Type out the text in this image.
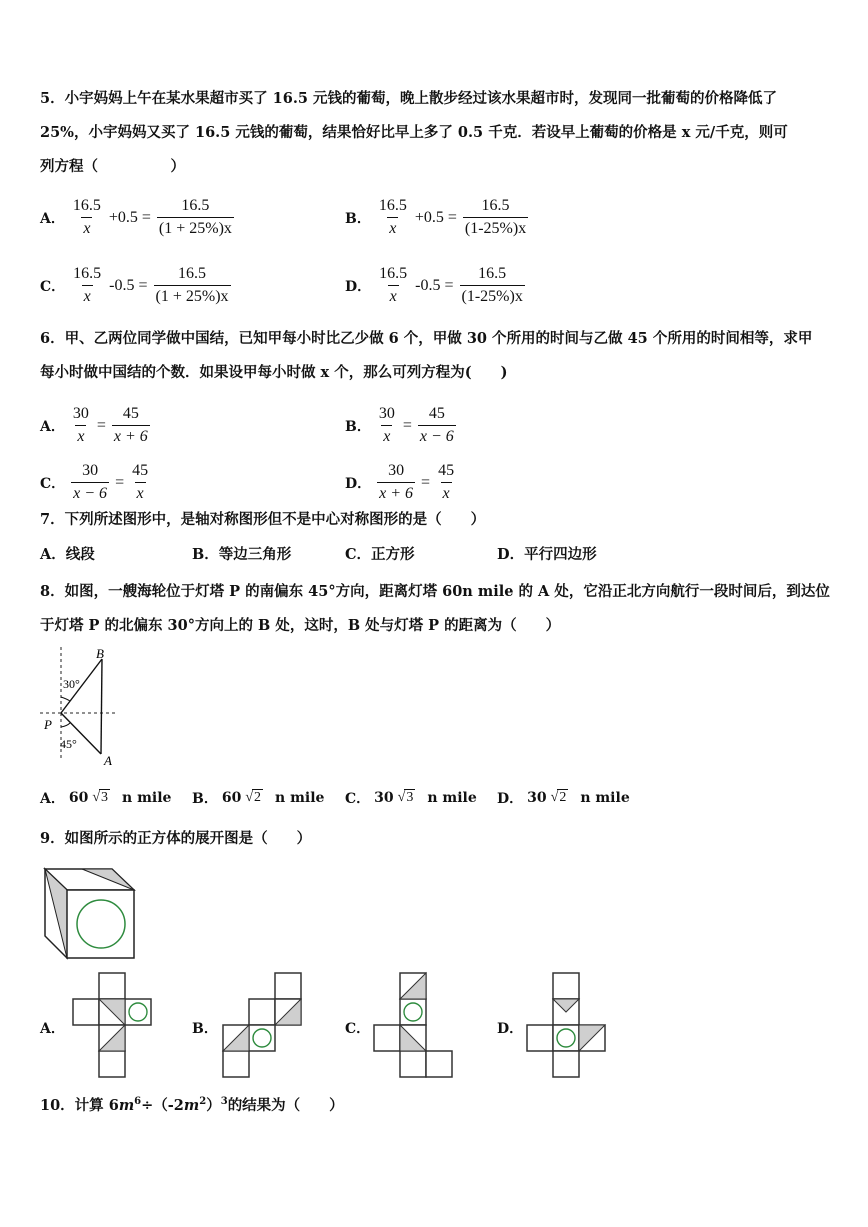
5．小宇妈妈上午在某水果超市买了 16.5 元钱的葡萄，晚上散步经过该水果超市时，发现同一批葡萄的价格降低了
25%，小宇妈妈又买了 16.5 元钱的葡萄，结果恰好比早上多了 0.5 千克．若设早上葡萄的价格是 x 元/千克，则可
列方程（　　　　　）
A． $\frac{16.5}{x} +0.5 = \frac{16.5}{(1 + 25\%)x}$	B． $\frac{16.5}{x} +0.5 = \frac{16.5}{(1-25\%)x}$
C． $\frac{16.5}{x} -0.5 = \frac{16.5}{(1 + 25\%)x}$	D． $\frac{16.5}{x} -0.5 = \frac{16.5}{(1-25\%)x}$
6．甲、乙两位同学做中国结，已知甲每小时比乙少做 6 个，甲做 30 个所用的时间与乙做 45 个所用的时间相等，求甲
每小时做中国结的个数．如果设甲每小时做 x 个，那么可列方程为(　　)
A． $\frac{30}{x} = \frac{45}{x + 6}$	B． $\frac{30}{x} = \frac{45}{x - 6}$
C． $\frac{30}{x - 6} = \frac{45}{x}$	D． $\frac{30}{x + 6} = \frac{45}{x}$
7．下列所述图形中，是轴对称图形但不是中心对称图形的是（　　）
A．线段	B．等边三角形	C．正方形	D．平行四边形
8．如图，一艘海轮位于灯塔 P 的南偏东 45°方向，距离灯塔 60n mile 的 A 处，它沿正北方向航行一段时间后，到达位
于灯塔 P 的北偏东 30°方向上的 B 处，这时，B 处与灯塔 P 的距离为（　　）
B
P
A
30°
45°
A． 60 √3 n mile B． 60 √2 n mile C． 30 √3 n mile D． 30 √2 n mile
9．如图所示的正方体的展开图是（　　）
A．	B．	C．	D．
10．计算 $6m^6\div(-2m^2)^3$的结果为（　　）
